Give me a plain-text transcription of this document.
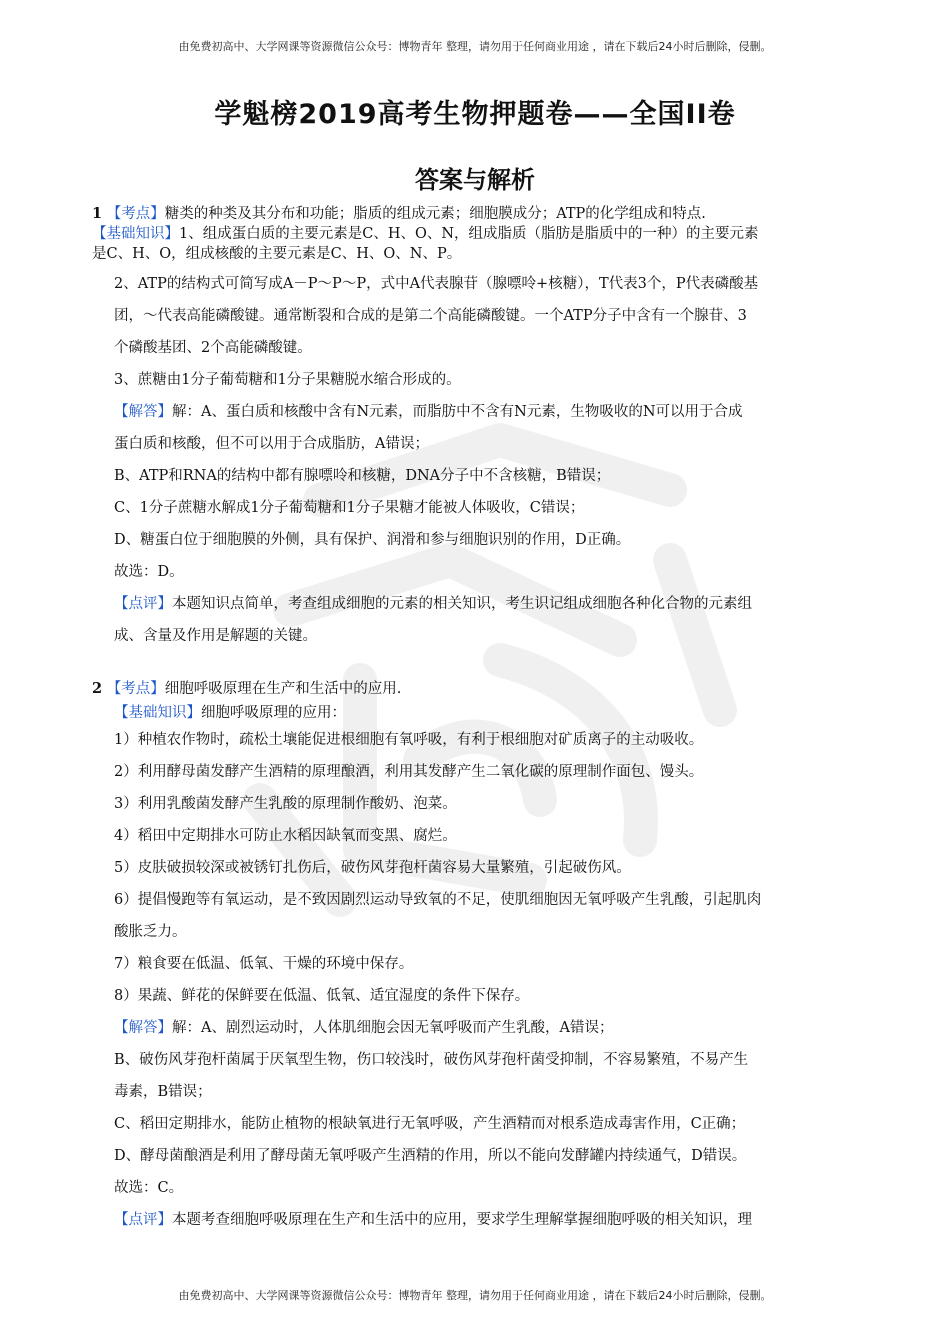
由免费初高中、大学网课等资源微信公众号：博物青年 整理，请勿用于任何商业用途 ，请在下载后24小时后删除，侵删。
学魁榜2019高考生物押题卷——全国II卷
答案与解析
1 【考点】糖类的种类及其分布和功能；脂质的组成元素；细胞膜成分；ATP的化学组成和特点.
【基础知识】1、组成蛋白质的主要元素是C、H、O、N，组成脂质（脂肪是脂质中的一种）的主要元素
是C、H、O，组成核酸的主要元素是C、H、O、N、P。
2、ATP的结构式可简写成A－P～P～P，式中A代表腺苷（腺嘌呤+核糖），T代表3个，P代表磷酸基
团，～代表高能磷酸键。通常断裂和合成的是第二个高能磷酸键。一个ATP分子中含有一个腺苷、3
个磷酸基团、2个高能磷酸键。
3、蔗糖由1分子葡萄糖和1分子果糖脱水缩合形成的。
【解答】解：A、蛋白质和核酸中含有N元素，而脂肪中不含有N元素，生物吸收的N可以用于合成
蛋白质和核酸，但不可以用于合成脂肪，A错误；
B、ATP和RNA的结构中都有腺嘌呤和核糖，DNA分子中不含核糖，B错误；
C、1分子蔗糖水解成1分子葡萄糖和1分子果糖才能被人体吸收，C错误；
D、糖蛋白位于细胞膜的外侧，具有保护、润滑和参与细胞识别的作用，D正确。
故选：D。
【点评】本题知识点简单，考查组成细胞的元素的相关知识，考生识记组成细胞各种化合物的元素组
成、含量及作用是解题的关键。
2 【考点】细胞呼吸原理在生产和生活中的应用.
【基础知识】细胞呼吸原理的应用：
1）种植农作物时，疏松土壤能促进根细胞有氧呼吸，有利于根细胞对矿质离子的主动吸收。
2）利用酵母菌发酵产生酒精的原理酿酒，利用其发酵产生二氧化碳的原理制作面包、馒头。
3）利用乳酸菌发酵产生乳酸的原理制作酸奶、泡菜。
4）稻田中定期排水可防止水稻因缺氧而变黑、腐烂。
5）皮肤破损较深或被锈钉扎伤后，破伤风芽孢杆菌容易大量繁殖，引起破伤风。
6）提倡慢跑等有氧运动，是不致因剧烈运动导致氧的不足，使肌细胞因无氧呼吸产生乳酸，引起肌肉
酸胀乏力。
7）粮食要在低温、低氧、干燥的环境中保存。
8）果蔬、鲜花的保鲜要在低温、低氧、适宜湿度的条件下保存。
【解答】解：A、剧烈运动时，人体肌细胞会因无氧呼吸而产生乳酸，A错误；
B、破伤风芽孢杆菌属于厌氧型生物，伤口较浅时，破伤风芽孢杆菌受抑制，不容易繁殖，不易产生
毒素，B错误；
C、稻田定期排水，能防止植物的根缺氧进行无氧呼吸，产生酒精而对根系造成毒害作用，C正确；
D、酵母菌酿酒是利用了酵母菌无氧呼吸产生酒精的作用，所以不能向发酵罐内持续通气，D错误。
故选：C。
【点评】本题考查细胞呼吸原理在生产和生活中的应用，要求学生理解掌握细胞呼吸的相关知识，理
由免费初高中、大学网课等资源微信公众号：博物青年 整理，请勿用于任何商业用途 ，请在下载后24小时后删除，侵删。
